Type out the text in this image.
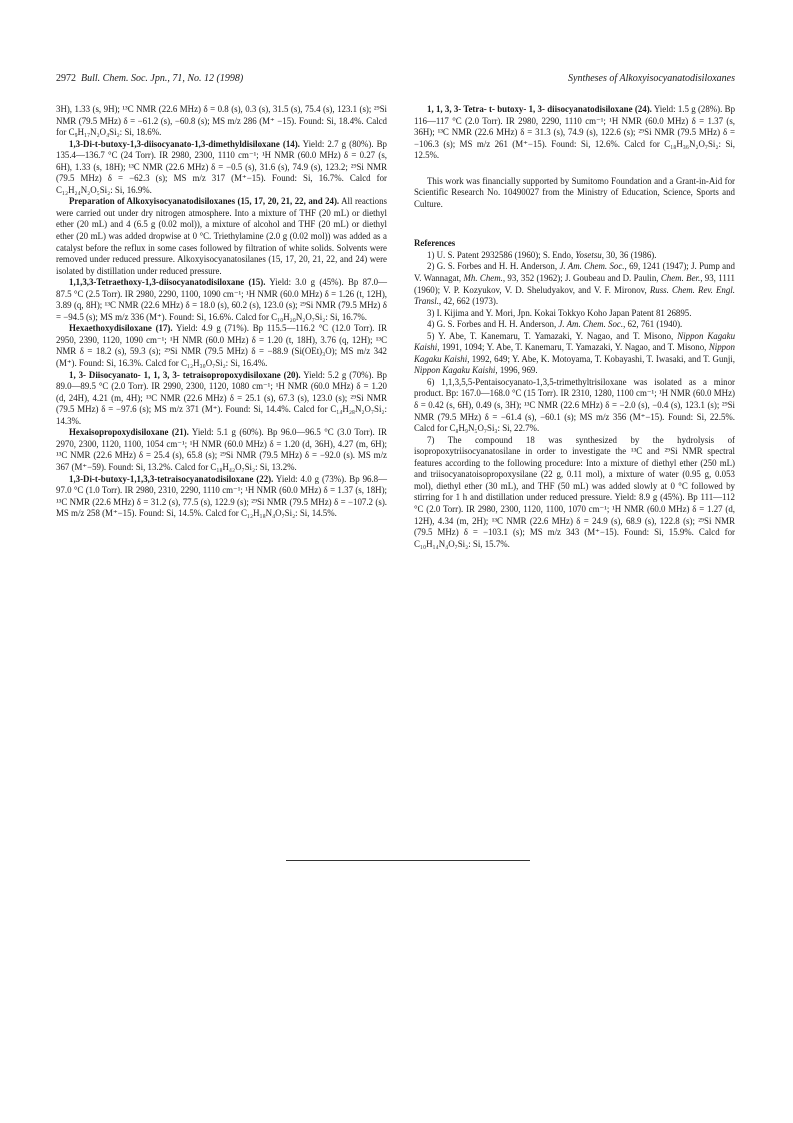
2972 Bull. Chem. Soc. Jpn., 71, No. 12 (1998)	Syntheses of Alkoxyisocyanatodisiloxanes

3H), 1.33 (s, 9H); ¹³C NMR (22.6 MHz) δ = 0.8 (s), 0.3 (s), 31.5 (s), 75.4 (s), 123.1 (s); ²⁹Si NMR (79.5 MHz) δ = −61.2 (s), −60.8 (s); MS m/z 286 (M⁺ −15). Found: Si, 18.4%. Calcd for C₉H₁₇N₂O₄Si₂: Si, 18.6%.

1,3-Di-t-butoxy-1,3-diisocyanato-1,3-dimethyldisiloxane (14). Yield: 2.7 g (80%). Bp 135.4—136.7 °C (24 Torr). IR 2980, 2300, 1110 cm⁻¹; ¹H NMR (60.0 MHz) δ = 0.27 (s, 6H), 1.33 (s, 18H); ¹³C NMR (22.6 MHz) δ = −0.5 (s), 31.6 (s), 74.9 (s), 123.2; ²⁹Si NMR (79.5 MHz) δ = −62.3 (s); MS m/z 317 (M⁺−15). Found: Si, 16.7%. Calcd for C₁₂H₂₄N₂O₅Si₂: Si, 16.9%.

Preparation of Alkoxyisocyanatodisiloxanes (15, 17, 20, 21, 22, and 24). All reactions were carried out under dry nitrogen atmosphere. Into a mixture of THF (20 mL) or diethyl ether (20 mL) and 4 (6.5 g (0.02 mol)), a mixture of alcohol and THF (20 mL) or diethyl ether (20 mL) was added dropwise at 0 °C. Triethylamine (2.0 g (0.02 mol)) was added as a catalyst before the reflux in some cases followed by filtration of white solids. Solvents were removed under reduced pressure. Alkoxyisocyanatosilanes (15, 17, 20, 21, 22, and 24) were isolated by distillation under reduced pressure.

1,1,3,3-Tetraethoxy-1,3-diisocyanatodisiloxane (15). Yield: 3.0 g (45%). Bp 87.0—87.5 °C (2.5 Torr). IR 2980, 2290, 1100, 1090 cm⁻¹; ¹H NMR (60.0 MHz) δ = 1.26 (t, 12H), 3.89 (q, 8H); ¹³C NMR (22.6 MHz) δ = 18.0 (s), 60.2 (s), 123.0 (s); ²⁹Si NMR (79.5 MHz) δ = −94.5 (s); MS m/z 336 (M⁺). Found: Si, 16.6%. Calcd for C₁₀H₂₀N₂O₇Si₂: Si, 16.7%.

Hexaethoxydisiloxane (17). Yield: 4.9 g (71%). Bp 115.5—116.2 °C (12.0 Torr). IR 2950, 2390, 1120, 1090 cm⁻¹; ¹H NMR (60.0 MHz) δ = 1.20 (t, 18H), 3.76 (q, 12H); ¹³C NMR δ = 18.2 (s), 59.3 (s); ²⁹Si NMR (79.5 MHz) δ = −88.9 (Si(OEt)₃O); MS m/z 342 (M⁺). Found: Si, 16.3%. Calcd for C₁₂H₃₀O₇Si₂: Si, 16.4%.

1, 3- Diisocyanato- 1, 1, 3, 3- tetraisopropoxydisiloxane (20). Yield: 5.2 g (70%). Bp 89.0—89.5 °C (2.0 Torr). IR 2990, 2300, 1120, 1080 cm⁻¹; ¹H NMR (60.0 MHz) δ = 1.20 (d, 24H), 4.21 (m, 4H); ¹³C NMR (22.6 MHz) δ = 25.1 (s), 67.3 (s), 123.0 (s); ²⁹Si NMR (79.5 MHz) δ = −97.6 (s); MS m/z 371 (M⁺). Found: Si, 14.4%. Calcd for C₁₄H₂₈N₂O₇Si₂: 14.3%.

Hexaisopropoxydisiloxane (21). Yield: 5.1 g (60%). Bp 96.0—96.5 °C (3.0 Torr). IR 2970, 2300, 1120, 1100, 1054 cm⁻¹; ¹H NMR (60.0 MHz) δ = 1.20 (d, 36H), 4.27 (m, 6H); ¹³C NMR (22.6 MHz) δ = 25.4 (s), 65.8 (s); ²⁹Si NMR (79.5 MHz) δ = −92.0 (s). MS m/z 367 (M⁺−59). Found: Si, 13.2%. Calcd for C₁₈H₄₂O₇Si₂: Si, 13.2%.

1,3-Di-t-butoxy-1,1,3,3-tetraisocyanatodisiloxane (22). Yield: 4.0 g (73%). Bp 96.8—97.0 °C (1.0 Torr). IR 2980, 2310, 2290, 1110 cm⁻¹; ¹H NMR (60.0 MHz) δ = 1.37 (s, 18H); ¹³C NMR (22.6 MHz) δ = 31.2 (s), 77.5 (s), 122.9 (s); ²⁹Si NMR (79.5 MHz) δ = −107.2 (s). MS m/z 258 (M⁺−15). Found: Si, 14.5%. Calcd for C₁₂H₁₈N₄O₇Si₂: Si, 14.5%.

1, 1, 3, 3- Tetra- t- butoxy- 1, 3- diisocyanatodisiloxane (24). Yield: 1.5 g (28%). Bp 116—117 °C (2.0 Torr). IR 2980, 2290, 1110 cm⁻¹; ¹H NMR (60.0 MHz) δ = 1.37 (s, 36H); ¹³C NMR (22.6 MHz) δ = 31.3 (s), 74.9 (s), 122.6 (s); ²⁹Si NMR (79.5 MHz) δ = −106.3 (s); MS m/z 261 (M⁺−15). Found: Si, 12.6%. Calcd for C₁₈H₃₆N₂O₇Si₂: Si, 12.5%.

This work was financially supported by Sumitomo Foundation and a Grant-in-Aid for Scientific Research No. 10490027 from the Ministry of Education, Science, Sports and Culture.

References

1) U. S. Patent 2932586 (1960); S. Endo, Yosetsu, 30, 36 (1986).

2) G. S. Forbes and H. H. Anderson, J. Am. Chem. Soc., 69, 1241 (1947); J. Pump and V. Wannagat, Mh. Chem., 93, 352 (1962); J. Goubeau and D. Paulin, Chem. Ber., 93, 1111 (1960); V. P. Kozyukov, V. D. Sheludyakov, and V. F. Mironov, Russ. Chem. Rev. Engl. Transl., 42, 662 (1973).

3) I. Kijima and Y. Mori, Jpn. Kokai Tokkyo Koho Japan Patent 81 26895.

4) G. S. Forbes and H. H. Anderson, J. Am. Chem. Soc., 62, 761 (1940).

5) Y. Abe, T. Kanemaru, T. Yamazaki, Y. Nagao, and T. Misono, Nippon Kagaku Kaishi, 1991, 1094; Y. Abe, T. Kanemaru, T. Yamazaki, Y. Nagao, and T. Misono, Nippon Kagaku Kaishi, 1992, 649; Y. Abe, K. Motoyama, T. Kobayashi, T. Iwasaki, and T. Gunji, Nippon Kagaku Kaishi, 1996, 969.

6) 1,1,3,5,5-Pentaisocyanato-1,3,5-trimethyltrisiloxane was isolated as a minor product. Bp: 167.0—168.0 °C (15 Torr). IR 2310, 1280, 1100 cm⁻¹; ¹H NMR (60.0 MHz) δ = 0.42 (s, 6H), 0.49 (s, 3H); ¹³C NMR (22.6 MHz) δ = −2.0 (s), −0.4 (s), 123.1 (s); ²⁹Si NMR (79.5 MHz) δ = −61.4 (s), −60.1 (s); MS m/z 356 (M⁺−15). Found: Si, 22.5%. Calcd for C₈H₉N₅O₇Si₃: Si, 22.7%.

7) The compound 18 was synthesized by the hydrolysis of isopropoxytriisocyanatosilane in order to investigate the ¹³C and ²⁹Si NMR spectral features according to the following procedure: Into a mixture of diethyl ether (250 mL) and triisocyanatoisopropoxysilane (22 g, 0.11 mol), a mixture of water (0.95 g, 0.053 mol), diethyl ether (30 mL), and THF (50 mL) was added slowly at 0 °C followed by stirring for 1 h and distillation under reduced pressure. Yield: 8.9 g (45%). Bp 111—112 °C (2.0 Torr). IR 2980, 2300, 1120, 1100, 1070 cm⁻¹; ¹H NMR (60.0 MHz) δ = 1.27 (d, 12H), 4.34 (m, 2H); ¹³C NMR (22.6 MHz) δ = 24.9 (s), 68.9 (s), 122.8 (s); ²⁹Si NMR (79.5 MHz) δ = −103.1 (s); MS m/z 343 (M⁺−15). Found: Si, 15.9%. Calcd for C₁₀H₁₄N₄O₇Si₂: Si, 15.7%.
